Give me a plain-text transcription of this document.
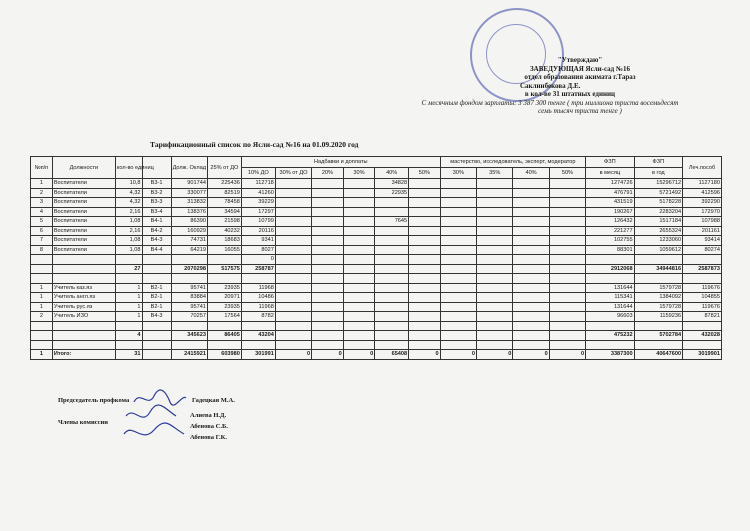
"Утверждаю"
ЗАВЕДУЮЩАЯ Ясли-сад №16
отдел образования акимата г.Тараз
Саклинбекова Д.Е.
в кол-ве 31 штатных единиц
С месячным фондом зарплаты: 3 387 300 тенге ( три миллиона триста восемьдесят
семь тысяч триста тенге )
Тарификационный список по Ясли-сад №16 на 01.09.2020 год
№п/п	Должности	кол-во единиц		Долж. Оклад	25% от ДО	Надбавки и доплаты						мастерство, исследователь, эксперт, модератор				ФЗП	ФЗП	Леч.пособ
						10% ДО	30% от ДО	20%	30%	40%	50%	30%	35%	40%	50%	в месяц	в год	
1	Воспитатели	10,8	В3-1	901744	225436	112718				34828						1274726	15296712	1127180
2	Воспитатели	4,32	В3-2	330077	82519	41260				22935						476791	5721492	412596
3	Воспитатели	4,32	В3-3	313832	78458	39229										431519	5178228	392290
4	Воспитатели	2,16	В3-4	138376	34594	17297										190267	2283204	172970
5	Воспитатели	1,08	В4-1	86390	21598	10799				7645						126432	1517184	107988
6	Воспитатели	2,16	В4-2	160929	40232	20116										221277	2655324	201161
7	Воспитатели	1,08	В4-3	74731	18683	9341										102755	1233060	93414
8	Воспитатели	1,08	В4-4	64219	16055	8027										88301	1059612	80274
						0												
		27		2070298	517575	258787										2912068	34944816	2587873

1	Учитель каз.яз	1	В2-1	95741	23935	11968										131644	1579728	119676
1	Учитель англ.яз	1	В2-1	83884	20971	10486										115341	1384092	104855
1	Учитель рус.яз	1	В2-1	95741	23935	11968										131644	1579728	119676
2	Учитель ИЗО	1	В4-3	70257	17564	8782										96603	1159236	87821

		4		345623	86405	43204										475232	5702784	432028

1	Итого:	31		2415921	603980	301991	0	0	0	65408	0	0	0	0	0	3387300	40647600	3019901
Председатель профкома	Гадецкая М.А.
Члены комиссии
Алиева Н.Д.
Абенова С.Б.
Абенова Г.К.
